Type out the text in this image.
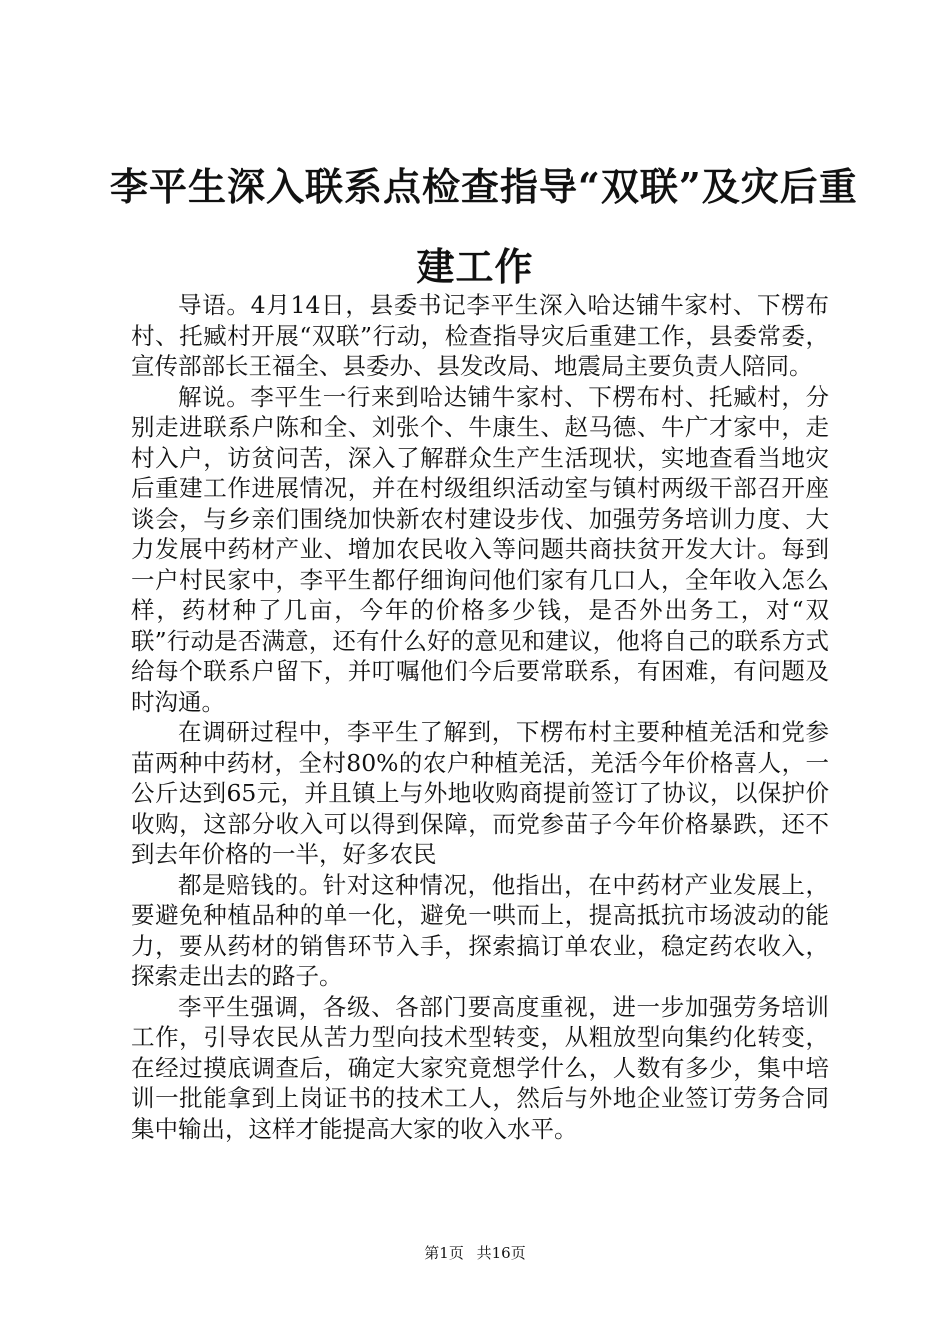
李平生深入联系点检查指导“双联”及灾后重
建工作

导语。4月14日，县委书记李平生深入哈达铺牛家村、下楞布村、托臧村开展“双联”行动，检查指导灾后重建工作，县委常委，宣传部部长王福全、县委办、县发改局、地震局主要负责人陪同。

解说。李平生一行来到哈达铺牛家村、下楞布村、托臧村，分别走进联系户陈和全、刘张个、牛康生、赵马德、牛广才家中，走村入户，访贫问苦，深入了解群众生产生活现状，实地查看当地灾后重建工作进展情况，并在村级组织活动室与镇村两级干部召开座谈会，与乡亲们围绕加快新农村建设步伐、加强劳务培训力度、大力发展中药材产业、增加农民收入等问题共商扶贫开发大计。每到一户村民家中，李平生都仔细询问他们家有几口人，全年收入怎么样，药材种了几亩，今年的价格多少钱，是否外出务工，对“双联”行动是否满意，还有什么好的意见和建议，他将自己的联系方式给每个联系户留下，并叮嘱他们今后要常联系，有困难，有问题及时沟通。

在调研过程中，李平生了解到，下楞布村主要种植羌活和党参苗两种中药材，全村80%的农户种植羌活，羌活今年价格喜人，一公斤达到65元，并且镇上与外地收购商提前签订了协议，以保护价收购，这部分收入可以得到保障，而党参苗子今年价格暴跌，还不到去年价格的一半，好多农民

都是赔钱的。针对这种情况，他指出，在中药材产业发展上，要避免种植品种的单一化，避免一哄而上，提高抵抗市场波动的能力，要从药材的销售环节入手，探索搞订单农业，稳定药农收入，探索走出去的路子。

李平生强调，各级、各部门要高度重视，进一步加强劳务培训工作，引导农民从苦力型向技术型转变，从粗放型向集约化转变，在经过摸底调查后，确定大家究竟想学什么，人数有多少，集中培训一批能拿到上岗证书的技术工人，然后与外地企业签订劳务合同集中输出，这样才能提高大家的收入水平。

第1页 共16页
